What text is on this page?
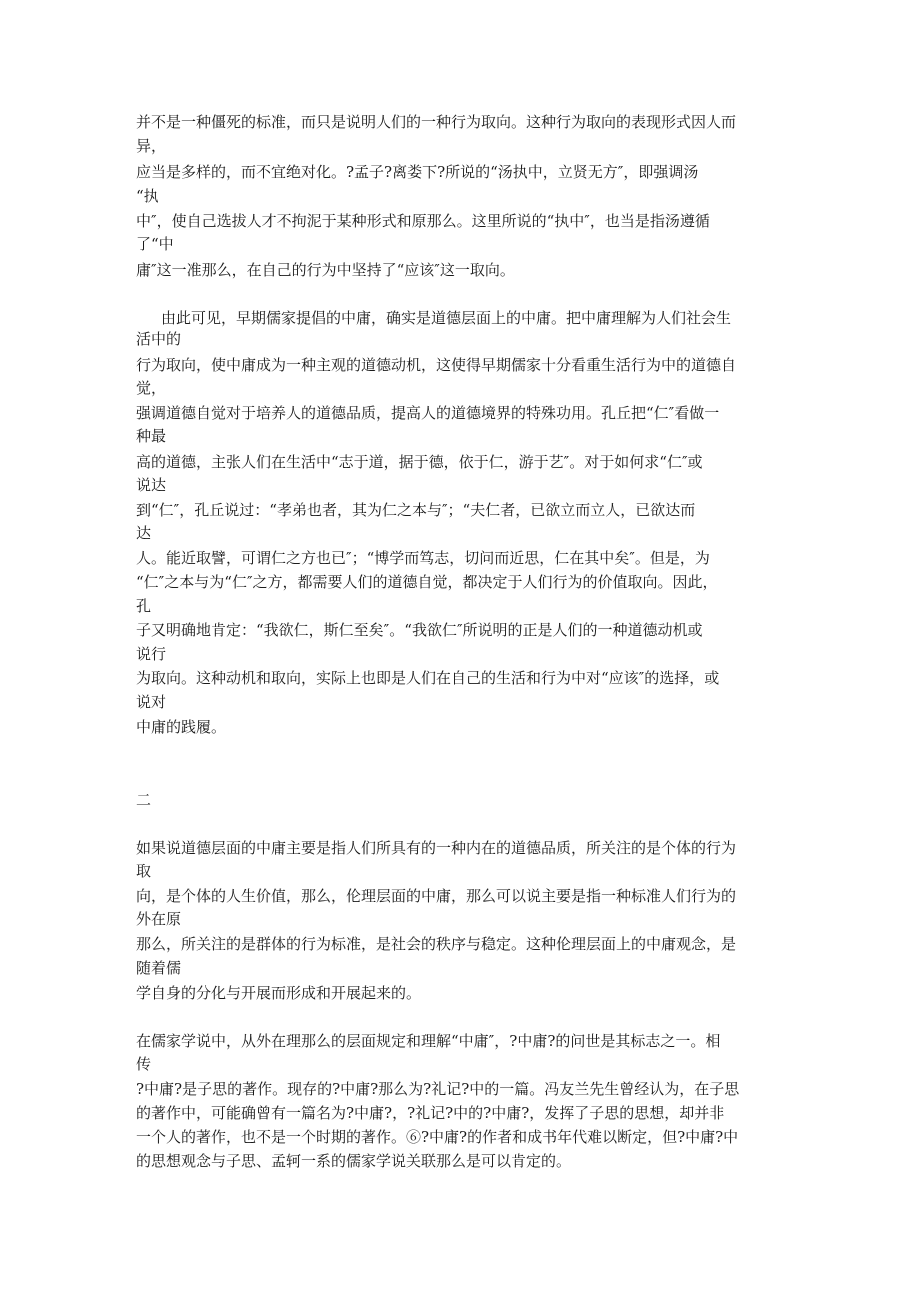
并不是一种僵死的标准，而只是说明人们的一种行为取向。这种行为取向的表现形式因人而
异，
应当是多样的，而不宜绝对化。?孟子?离娄下?所说的“汤执中，立贤无方″，即强调汤
“执
中″，使自己选拔人才不拘泥于某种形式和原那么。这里所说的“执中″，也当是指汤遵循
了“中
庸″这一准那么，在自己的行为中坚持了“应该″这一取向。
由此可见，早期儒家提倡的中庸，确实是道德层面上的中庸。把中庸理解为人们社会生
活中的
行为取向，使中庸成为一种主观的道德动机，这使得早期儒家十分看重生活行为中的道德自
觉，
强调道德自觉对于培养人的道德品质，提高人的道德境界的特殊功用。孔丘把“仁″看做一
种最
高的道德，主张人们在生活中“志于道，据于德，依于仁，游于艺″。对于如何求“仁″或
说达
到“仁″，孔丘说过：“孝弟也者，其为仁之本与″；“夫仁者，已欲立而立人，已欲达而
达
人。能近取譬，可谓仁之方也已″；“博学而笃志，切问而近思，仁在其中矣″。但是，为
“仁″之本与为“仁″之方，都需要人们的道德自觉，都决定于人们行为的价值取向。因此，
孔
子又明确地肯定：“我欲仁，斯仁至矣″。“我欲仁″所说明的正是人们的一种道德动机或
说行
为取向。这种动机和取向，实际上也即是人们在自己的生活和行为中对“应该″的选择，或
说对
中庸的践履。
二
如果说道德层面的中庸主要是指人们所具有的一种内在的道德品质，所关注的是个体的行为
取
向，是个体的人生价值，那么，伦理层面的中庸，那么可以说主要是指一种标准人们行为的
外在原
那么，所关注的是群体的行为标准，是社会的秩序与稳定。这种伦理层面上的中庸观念，是
随着儒
学自身的分化与开展而形成和开展起来的。
在儒家学说中，从外在理那么的层面规定和理解“中庸″，?中庸?的问世是其标志之一。相
传
?中庸?是子思的著作。现存的?中庸?那么为?礼记?中的一篇。冯友兰先生曾经认为，在子思
的著作中，可能确曾有一篇名为?中庸?，?礼记?中的?中庸?，发挥了子思的思想，却并非
一个人的著作，也不是一个时期的著作。⑥?中庸?的作者和成书年代难以断定，但?中庸?中
的思想观念与子思、孟轲一系的儒家学说关联那么是可以肯定的。
